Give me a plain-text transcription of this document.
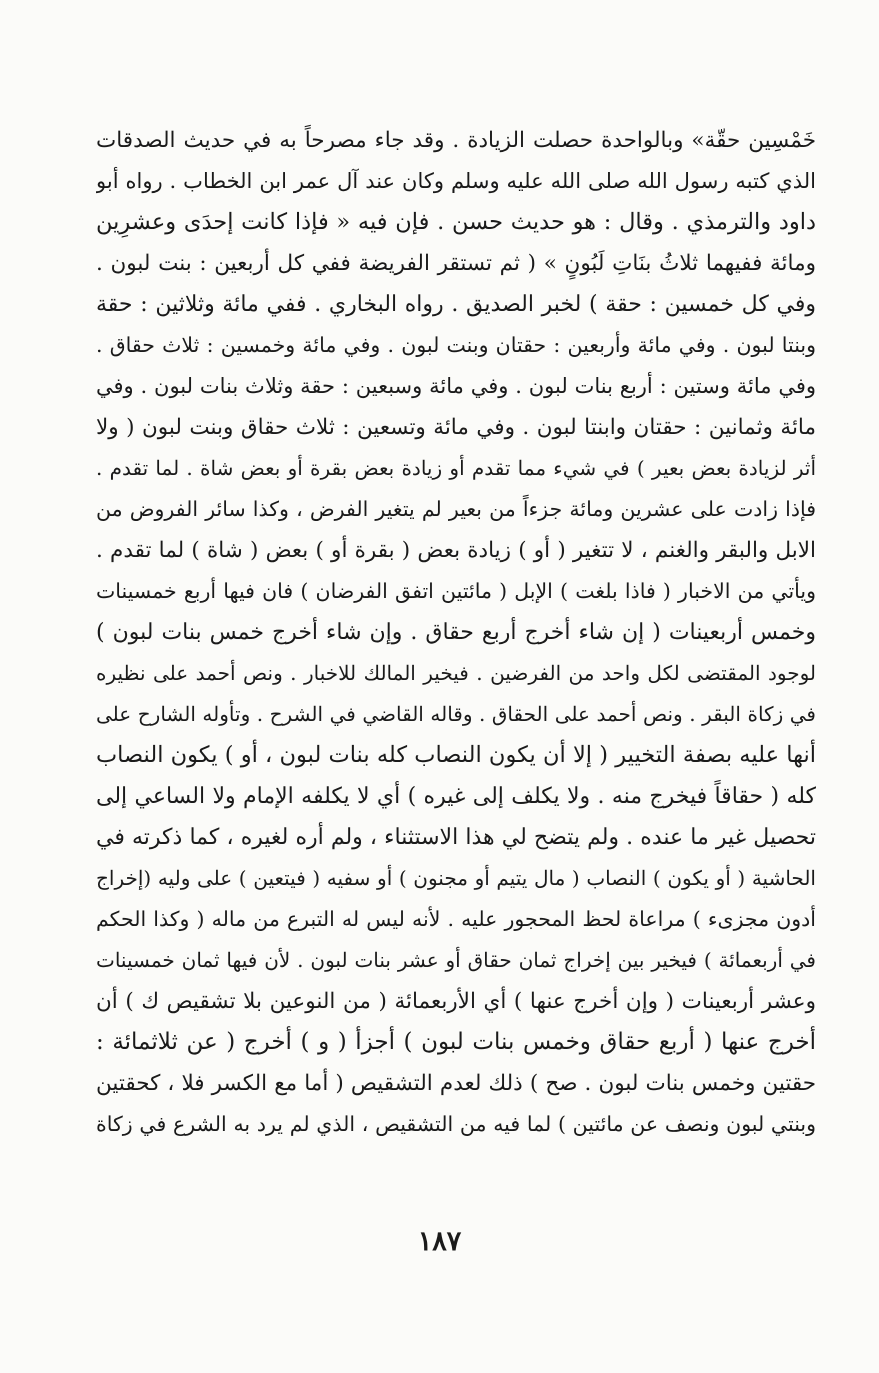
خَمْسِين حقّة» وبالواحدة حصلت الزيادة . وقد جاء مصرحاً به في حديث الصدقات
الذي كتبه رسول الله صلى الله عليه وسلم وكان عند آل عمر ابن الخطاب . رواه أبو
داود والترمذي . وقال : هو حديث حسن . فإن فيه « فإذا كانت إحدَى وعشرِين
ومائة ففيهما ثلاثُ بنَاتِ لَبُونٍ » ( ثم تستقر الفريضة ففي كل أربعين : بنت لبون .
وفي كل خمسين : حقة ) لخبر الصديق . رواه البخاري . ففي مائة وثلاثين : حقة
وبنتا لبون . وفي مائة وأربعين : حقتان وبنت لبون . وفي مائة وخمسين : ثلاث حقاق .
وفي مائة وستين : أربع بنات لبون . وفي مائة وسبعين : حقة وثلاث بنات لبون . وفي
مائة وثمانين : حقتان وابنتا لبون . وفي مائة وتسعين : ثلاث حقاق وبنت لبون ( ولا
أثر لزيادة بعض بعير ) في شيء مما تقدم أو زيادة بعض بقرة أو بعض شاة . لما تقدم .
فإذا زادت على عشرين ومائة جزءاً من بعير لم يتغير الفرض ، وكذا سائر الفروض من
الابل والبقر والغنم ، لا تتغير ( أو ) زيادة بعض ( بقرة أو ) بعض ( شاة ) لما تقدم .
ويأتي من الاخبار ( فاذا بلغت ) الإبل ( مائتين اتفق الفرضان ) فان فيها أربع خمسينات
وخمس أربعينات ( إن شاء أخرج أربع حقاق . وإن شاء أخرج خمس بنات لبون )
لوجود المقتضى لكل واحد من الفرضين . فيخير المالك للاخبار . ونص أحمد على نظيره
في زكاة البقر . ونص أحمد على الحقاق . وقاله القاضي في الشرح . وتأوله الشارح على
أنها عليه بصفة التخيير ( إلا أن يكون النصاب كله بنات لبون ، أو ) يكون النصاب
كله ( حقاقاً فيخرج منه . ولا يكلف إلى غيره ) أي لا يكلفه الإمام ولا الساعي إلى
تحصيل غير ما عنده . ولم يتضح لي هذا الاستثناء ، ولم أره لغيره ، كما ذكرته في
الحاشية ( أو يكون ) النصاب ( مال يتيم أو مجنون ) أو سفيه ( فيتعين ) على وليه (إخراج
أدون مجزىء ) مراعاة لحظ المحجور عليه . لأنه ليس له التبرع من ماله ( وكذا الحكم
في أربعمائة ) فيخير بين إخراج ثمان حقاق أو عشر بنات لبون . لأن فيها ثمان خمسينات
وعشر أربعينات ( وإن أخرج عنها ) أي الأربعمائة ( من النوعين بلا تشقيص ك ) أن
أخرج عنها ( أربع حقاق وخمس بنات لبون ) أجزأ ( و ) أخرج ( عن ثلاثمائة :
حقتين وخمس بنات لبون . صح ) ذلك لعدم التشقيص ( أما مع الكسر فلا ، كحقتين
وبنتي لبون ونصف عن مائتين ) لما فيه من التشقيص ، الذي لم يرد به الشرع في زكاة
١٨٧
